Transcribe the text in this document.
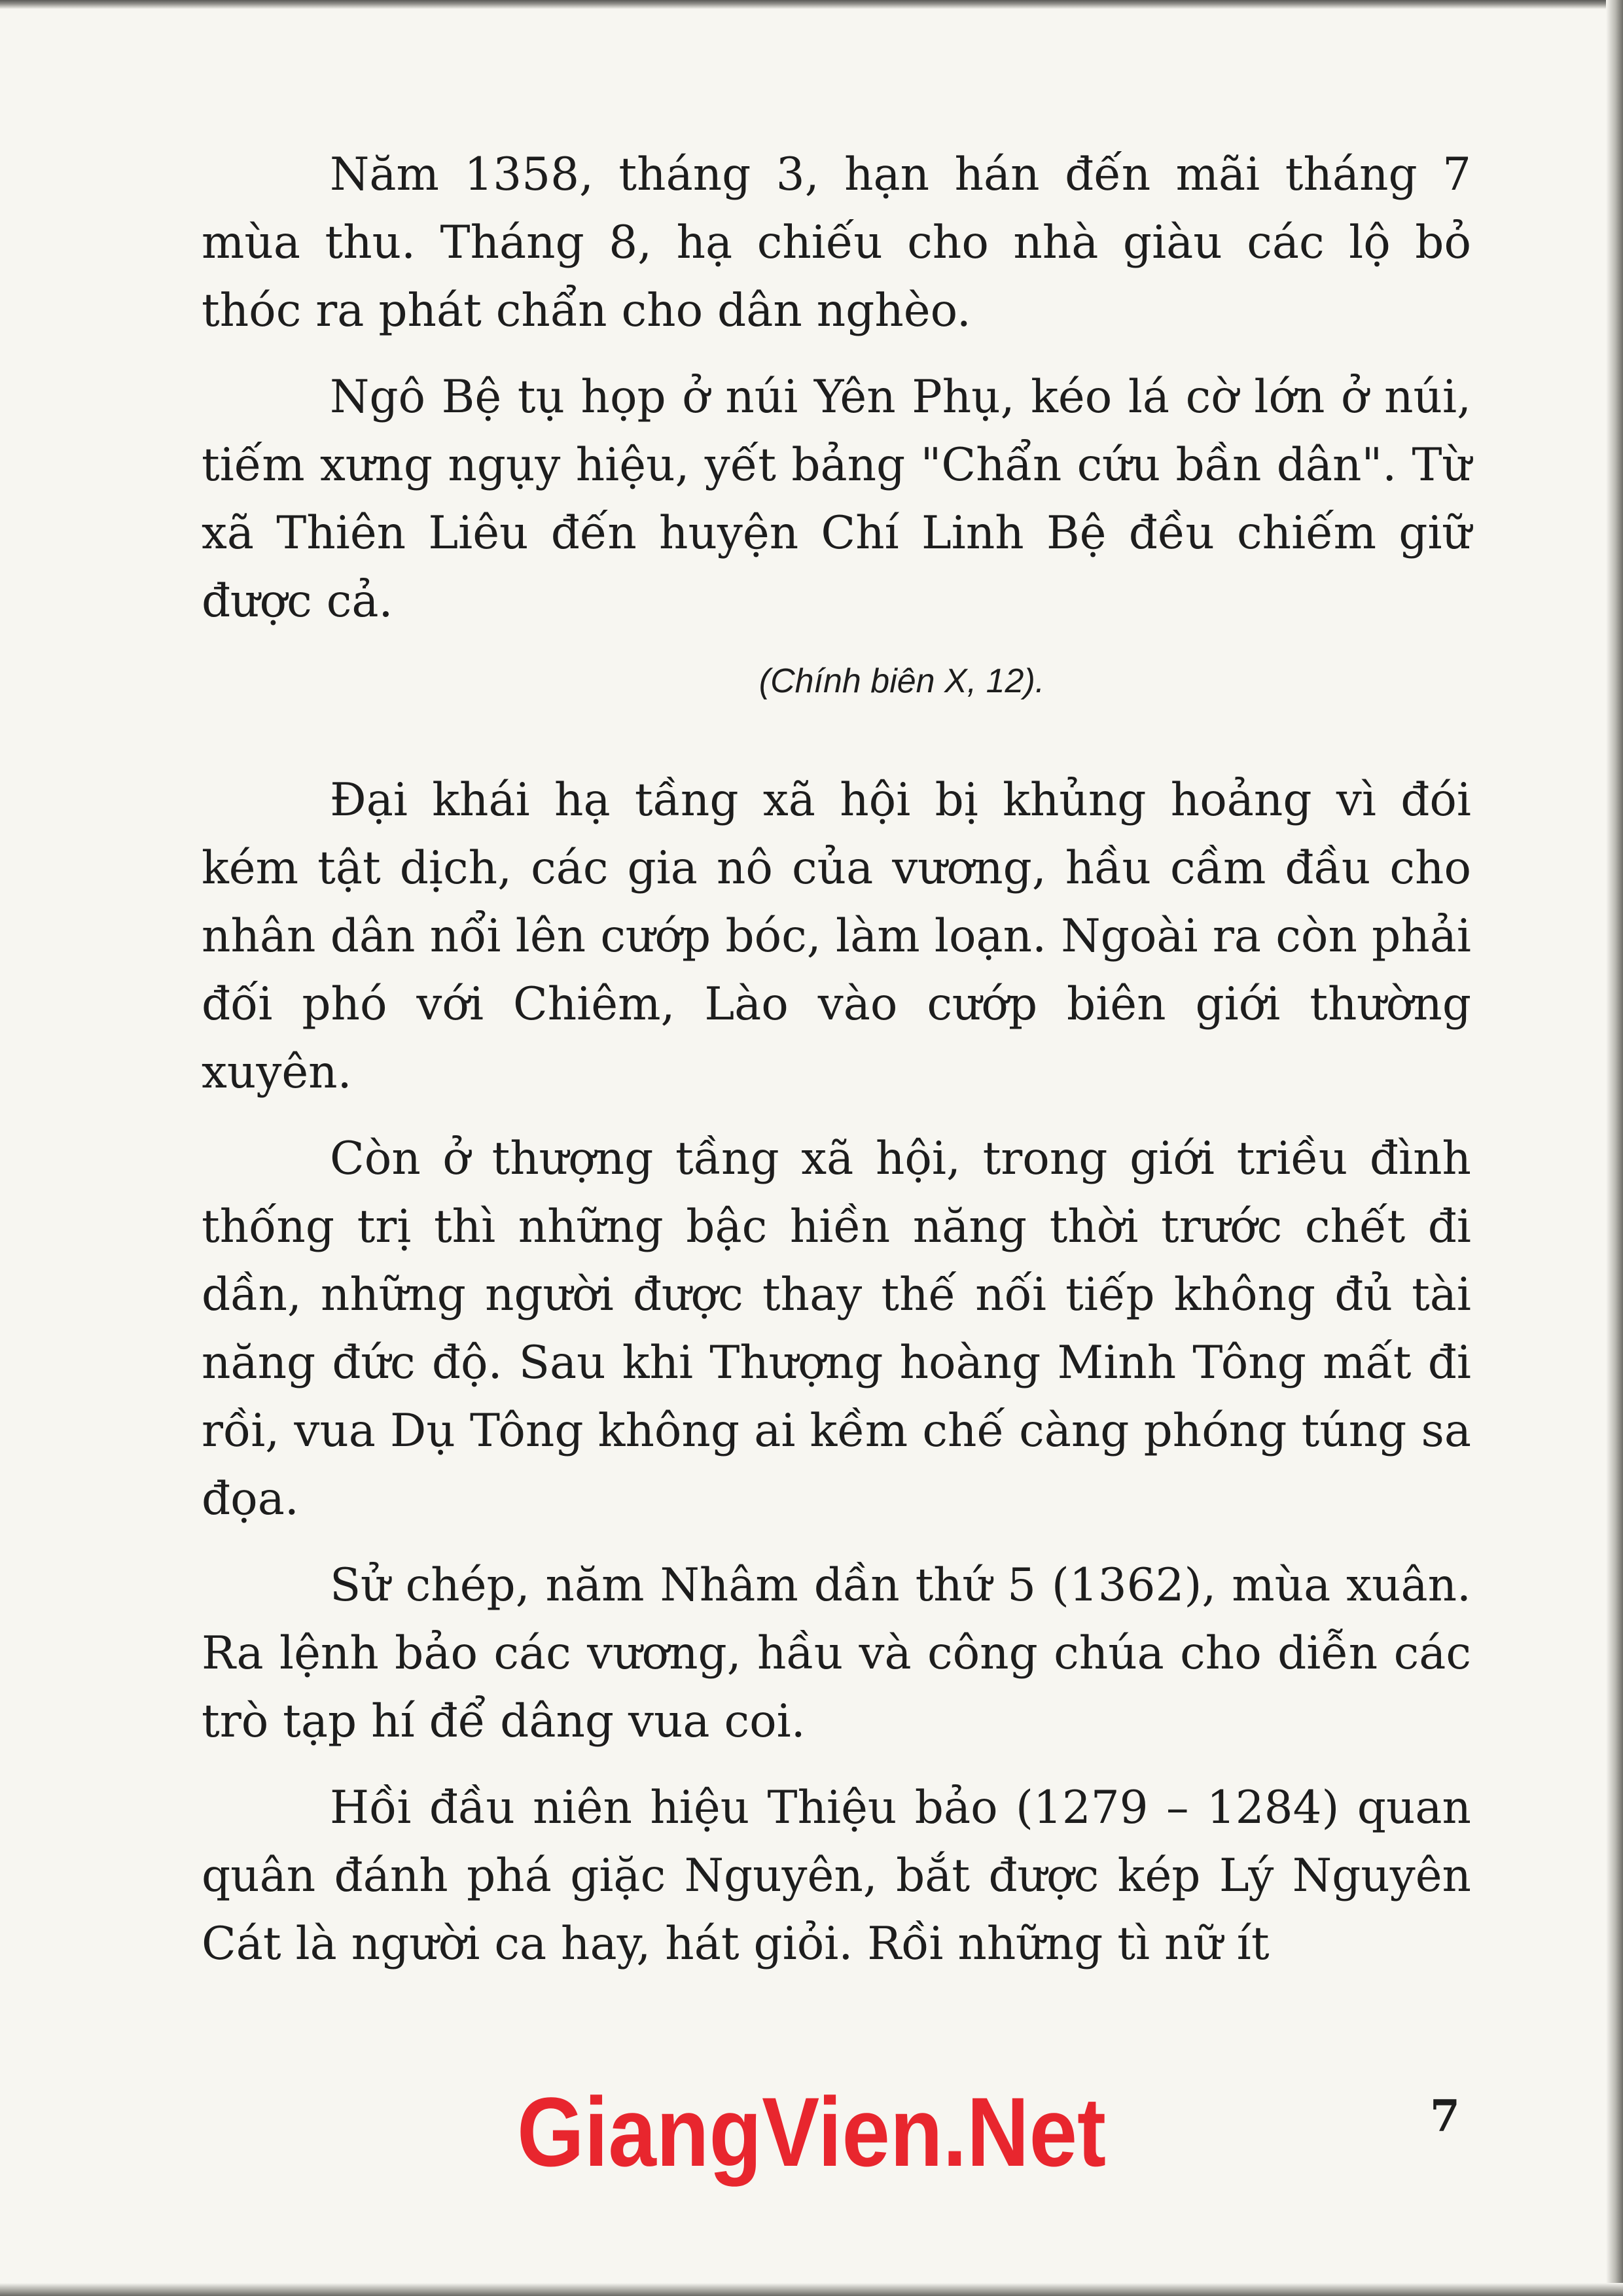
Năm 1358, tháng 3, hạn hán đến mãi tháng 7 mùa thu. Tháng 8, hạ chiếu cho nhà giàu các lộ bỏ thóc ra phát chẩn cho dân nghèo.

Ngô Bệ tụ họp ở núi Yên Phụ, kéo lá cờ lớn ở núi, tiếm xưng ngụy hiệu, yết bảng "Chẩn cứu bần dân". Từ xã Thiên Liêu đến huyện Chí Linh Bệ đều chiếm giữ được cả.

(Chính biên X, 12).

Đại khái hạ tầng xã hội bị khủng hoảng vì đói kém tật dịch, các gia nô của vương, hầu cầm đầu cho nhân dân nổi lên cướp bóc, làm loạn. Ngoài ra còn phải đối phó với Chiêm, Lào vào cướp biên giới thường xuyên.

Còn ở thượng tầng xã hội, trong giới triều đình thống trị thì những bậc hiền năng thời trước chết đi dần, những người được thay thế nối tiếp không đủ tài năng đức độ. Sau khi Thượng hoàng Minh Tông mất đi rồi, vua Dụ Tông không ai kềm chế càng phóng túng sa đọa.

Sử chép, năm Nhâm dần thứ 5 (1362), mùa xuân. Ra lệnh bảo các vương, hầu và công chúa cho diễn các trò tạp hí để dâng vua coi.

Hồi đầu niên hiệu Thiệu bảo (1279 – 1284) quan quân đánh phá giặc Nguyên, bắt được kép Lý Nguyên Cát là người ca hay, hát giỏi. Rồi những tì nữ ít

GiangVien.Net	7
